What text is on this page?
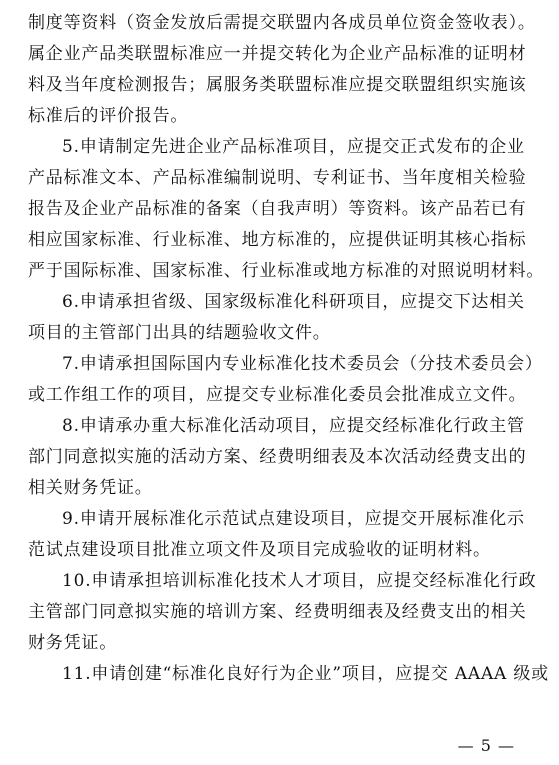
制度等资料（资金发放后需提交联盟内各成员单位资金签收表）。
属企业产品类联盟标准应一并提交转化为企业产品标准的证明材
料及当年度检测报告；属服务类联盟标准应提交联盟组织实施该
标准后的评价报告。
5.申请制定先进企业产品标准项目，应提交正式发布的企业
产品标准文本、产品标准编制说明、专利证书、当年度相关检验
报告及企业产品标准的备案（自我声明）等资料。该产品若已有
相应国家标准、行业标准、地方标准的，应提供证明其核心指标
严于国际标准、国家标准、行业标准或地方标准的对照说明材料。
6.申请承担省级、国家级标准化科研项目，应提交下达相关
项目的主管部门出具的结题验收文件。
7.申请承担国际国内专业标准化技术委员会（分技术委员会）
或工作组工作的项目，应提交专业标准化委员会批准成立文件。
8.申请承办重大标准化活动项目，应提交经标准化行政主管
部门同意拟实施的活动方案、经费明细表及本次活动经费支出的
相关财务凭证。
9.申请开展标准化示范试点建设项目，应提交开展标准化示
范试点建设项目批准立项文件及项目完成验收的证明材料。
10.申请承担培训标准化技术人才项目，应提交经标准化行政
主管部门同意拟实施的培训方案、经费明细表及经费支出的相关
财务凭证。
11.申请创建“标准化良好行为企业”项目，应提交 AAAA 级或
— 5 —
